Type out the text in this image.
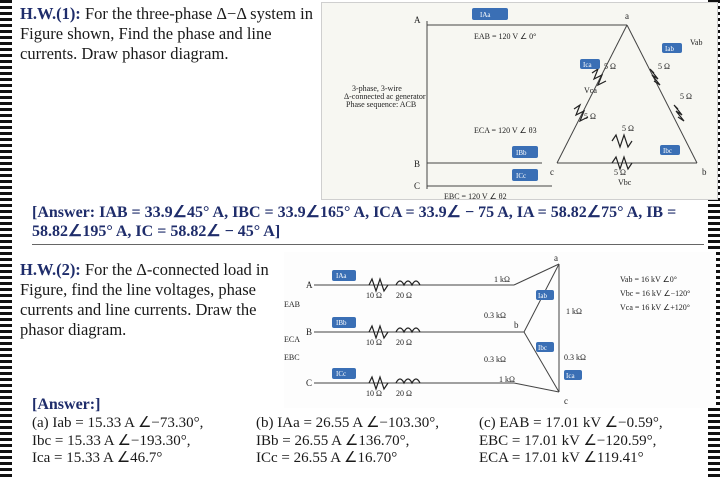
H.W.(1): For the three-phase Δ−Δ system in Figure shown, Find the phase and line currents. Draw phasor diagram.
A
B
C
3-phase, 3-wire Δ-connected ac generator Phase sequence: ACB
IAa
EAB = 120 V ∠ 0°
ECA = 120 V ∠ θ3
IBb
ICc
EBC = 120 V ∠ θ2
a
c	b
5 Ω
5 Ω
5 Ω
5 Ω
5 Ω
5 Ω
Ica
Iab
Ibc
Vca
Vab
Vbc
[Answer: IAB = 33.9∠45° A, IBC = 33.9∠165° A, ICA = 33.9∠ − 75 A, IA = 58.82∠75° A, IB = 58.82∠195° A, IC = 58.82∠ − 45° A]
H.W.(2): For the Δ-connected load in Figure, find the line voltages, phase currents and line currents. Draw the phasor diagram.
A
B
C
EAB
ECA
EBC
IAa
IBb
ICc
10 Ω 20 Ω
10 Ω 20 Ω
10 Ω 20 Ω
a
b
c
1 kΩ
0.3 kΩ	1 kΩ
0.3 kΩ
0.3 kΩ
1 kΩ
Iab
Ibc
Ica
Vab = 16 kV ∠0°
Vbc = 16 kV ∠−120°
Vca = 16 kV ∠+120°
[Answer:]
(a) Iab = 15.33 A ∠−73.30°,
Ibc = 15.33 A ∠−193.30°,
Ica = 15.33 A ∠46.7°
(b) IAa = 26.55 A ∠−103.30°,
IBb = 26.55 A ∠136.70°,
ICc = 26.55 A ∠16.70°
(c) EAB = 17.01 kV ∠−0.59°,
EBC = 17.01 kV ∠−120.59°,
ECA = 17.01 kV ∠119.41°
